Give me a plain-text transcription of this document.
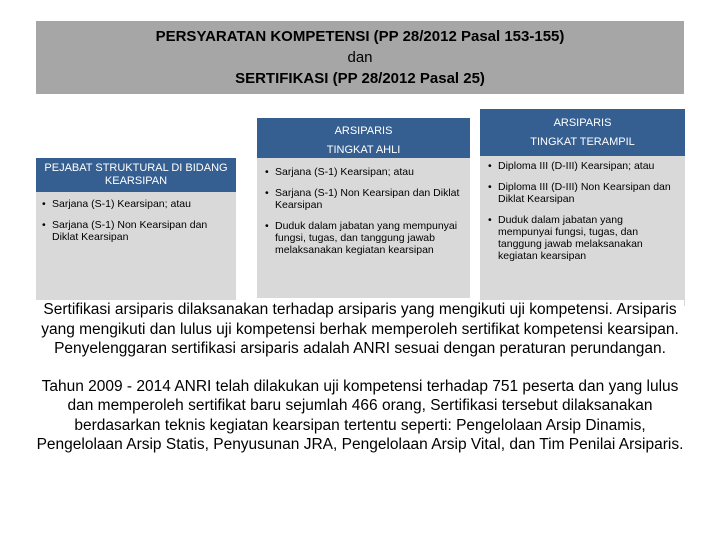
PERSYARATAN KOMPETENSI (PP 28/2012 Pasal 153-155)
dan
SERTIFIKASI (PP 28/2012 Pasal 25)
PEJABAT STRUKTURAL DI BIDANG KEARSIPAN
• Sarjana (S-1) Kearsipan; atau
• Sarjana (S-1) Non Kearsipan dan Diklat Kearsipan
ARSIPARIS
TINGKAT AHLI
• Sarjana (S-1) Kearsipan; atau
• Sarjana (S-1) Non Kearsipan dan Diklat Kearsipan
• Duduk dalam jabatan yang mempunyai fungsi, tugas, dan tanggung jawab melaksanakan kegiatan kearsipan
ARSIPARIS
TINGKAT TERAMPIL
• Diploma III (D-III) Kearsipan; atau
• Diploma III (D-III) Non Kearsipan dan Diklat Kearsipan
• Duduk dalam jabatan yang mempunyai fungsi, tugas, dan tanggung jawab melaksanakan kegiatan kearsipan

Sertifikasi arsiparis dilaksanakan terhadap arsiparis yang mengikuti uji kompetensi. Arsiparis yang mengikuti dan lulus uji kompetensi berhak memperoleh sertifikat kompetensi kearsipan. Penyelenggaran sertifikasi arsiparis adalah ANRI sesuai dengan peraturan perundangan.

Tahun 2009 - 2014 ANRI telah dilakukan uji kompetensi terhadap 751 peserta dan yang lulus dan memperoleh sertifikat baru sejumlah 466 orang, Sertifikasi tersebut dilaksanakan berdasarkan teknis kegiatan kearsipan tertentu seperti: Pengelolaan Arsip Dinamis, Pengelolaan Arsip Statis, Penyusunan JRA, Pengelolaan Arsip Vital, dan Tim Penilai Arsiparis.
